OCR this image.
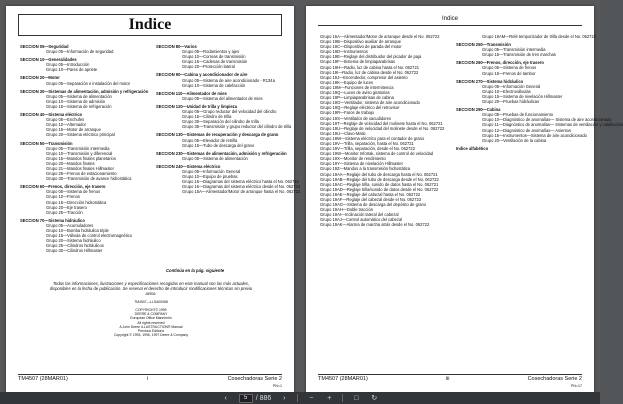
Indice
SECCION 05—Seguridad
Grupo 05—Información de seguridad
SECCION 10—Generalidades
Grupo 05—Introducción
Grupo 10—Pares de apriete
SECCION 20—Motor
Grupo 05—Separación e instalación del motor
SECCION 30—Sistemas de alimentación, admisión y refrigeración
Grupo 05—Sistema de alimentación
Grupo 10—Sistema de admisión
Grupo 15—Sistema de refrigeración
SECCION 40—Sistema eléctrico
Grupo 05—Enchufes
Grupo 10—Alternador
Grupo 15—Motor de arranque
Grupo 20—Sistema eléctrico principal
SECCION 50—Transmisión
Grupo 05—Transmisión intermedia
Grupo 10—Transmisión y diferencial
Grupo 15—Mandos finales planetarios
Grupo 20—Mandos finales
Grupo 21—Mandos finales Hillmaster
Grupo 25—Frenos de estacionamiento
Grupo 30—Transmisión de avance hidrostática
SECCION 60—Frenos, dirección, eje trasero
Grupo 05—Sistema de frenos
Grupo 10—Frenos
Grupo 15—Dirección hidrostática
Grupo 20—Eje trasero
Grupo 25—Tracción
SECCION 70—Sistema hidráulico
Grupo 05—Acumuladores
Grupo 10—Bomba hidráulica triple
Grupo 15—Válvula de control electromagnético
Grupo 20—Sistema hidráulico
Grupo 25—Cilindros hidráulicos
Grupo 30—Cilindros Hillmaster
SECCION 80—Varios
Grupo 05—Rodamientos y ajes
Grupo 10—Correas de transmisión
Grupo 15—Cadenas de transmisión
Grupo 20—Protección lateral
SECCION 90—Cabina y acondicionador de aire
Grupo 05—Sistema de aire acondicionado - R134a
Grupo 10—Sistema de calefacción
SECCION 110—Alimentador de mies
Grupo 05—Sistema del alimentador de mies
SECCION 120—Unidad de trilla y limpieza
Grupo 05—Grupo reductor del velocidad del cilindro
Grupo 15—Cilindro de trilla
Grupo 30—Separación del cilindro de trilla
Grupo 35—Transmisión y grupo reductor del cilindro de trilla
SECCION 130—Sistemas de recuperación y descarga de grano
Grupo 05—Elevador de retrilla
Grupo 15—Tubo de descarga del grano
SECCION 230—Sistemas de alimentación, admisión y refrigeración
Grupo 05—Sistema de alimentación
SECCION 240—Sistema eléctrico
Grupo 05—Información General
Grupo 10—Equipo de pruebas
Grupo 15—Diagramas del sistema eléctrico hasta el No. 062722
Grupo 16—Diagramas del sistema eléctrico desde el No. 062723
Grupo 15A—Alimentador/Motor de arranque hasta el No. 062722
Continúa en la pág. siguiente
Todas las informaciones, ilustraciones y especificaciones recogidas en este manual son las más actuales, disponibles en la fecha de publicación. Se reserva el derecho de introducir modificaciones técnicas sin previo aviso.
TM4507—LLSA00068
COPYRIGHT© 1999
DEERE & COMPANY
European Office Mannheim
All rights reserved
A John Deere ILLUSTRUCTION® Manual
Previous Editions
Copyright © 1993, 1996, 1997 Deere & Company
TM4507 (28MAR01)	i	Cosechadoras Serie 2
PN=1
Indice
Grupo 16A—Alimentador/Motor de arranque desde el No. 062722
Grupo 19B—Dispositivo auxiliar de arranque
Grupo 19C—Dispositivo de parada del motor
Grupo 19D—Instrumentos
Grupo 19E—Reglaje del distribuidor del picador de paja
Grupo 19F—Sistema de limpiaparabrisas
Grupo 19H—Radio, luz de cabina hasta el No. 062721
Grupo 19I—Radio, luz de cabina desde el No. 062722
Grupo 19J—Encendedor, compresor del asiento
Grupo 19K—Equipo de luces
Grupo 19M—Funciones de intermitencia
Grupo 19Q—Luces de aviso giratorias
Grupo 19P—Limpiaparabrisas de cabina
Grupo 19O—Ventilador, sistema de aire acondicionado
Grupo 19Q—Reglaje eléctrico del retrovisor
Grupo 19R—Faros de trabajo
Grupo 19S—Ventilador de sacudidores
Grupo 19T—Reglaje de velocidad del molinete hasta el No. 062721
Grupo 19U—Reglaje de velocidad del molinete desde el No. 062722
Grupo 19U—Clavo-Matic
Grupo 19W—Sistema eléctrico para el contador de grano
Grupo 19V—Trilla, separación, hasta el No. 062721
Grupo 19V—Trilla, separación, desde el No. 062722
Grupo 19W—Monitor Infotrak, sistema de control de velocidad
Grupo 19X—Monitor de rendimiento
Grupo 19Y—Sistema de nivelación Hillmaster
Grupo 19Z—Mandos a la transmisión hidrostática
Grupo 19AA—Reglaje del tubo de descarga hasta el No. 062721
Grupo 19AB—Reglaje del tubo de descarga desde el No. 062722
Grupo 19AC—Reglaje trilla, sonido de datos hasta el No. 062721
Grupo 19AD—Reglaje trilla/sonido de datos desde el No. 062722
Grupo 19AE—Reglaje del cabezal hasta el No. 062722
Grupo 19AF—Reglaje del cabezal desde el No. 062723
Grupo 19AG—Sistema de descarga del depósito de grano
Grupo 19AH—Doble tracción
Grupo 19AI—Inclinación lateral del cabezal
Grupo 19AJ—Control automático del cabezal
Grupo 19AK—Alarma de marcha atrás desde el No. 062722
Grupo 19AM—Relé temporizador de trilla desde el No. 062722
SECCION 250—Transmisión
Grupo 05—Transmisión intermedia
Grupo 15—Transmisión de tres marchas
SECCION 260—Frenos, dirección, eje trasero
Grupo 05—Sistema de frenos
Grupo 15—Frenos de tambor
SECCION 270—Sistema hidráulico
Grupo 05—Información General
Grupo 10—Electroválvulas
Grupo 15—Sistema de nivelación Hillmaster
Grupo 20—Pruebas hidráulicas
SECCION 290—Cabina
Grupo 05—Pruebas de funcionamiento
Grupo 10—Diagnóstico de anomalías— Sistema de aire acondicionado
Grupo 11—Diagnóstico de anomalías— Sistemas de ventilación y calefacción
Grupo 12—Diagnóstico de anomalías— Asientos
Grupo 15—Instrumentos—Sistema de aire acondicionado
Grupo 20—Ventilación de la cabina
Indice alfabético
TM4507 (28MAR01)	iii	Cosechadoras Serie 2
PN=17
‹
5	/ 886	›	−	+	□	↻
